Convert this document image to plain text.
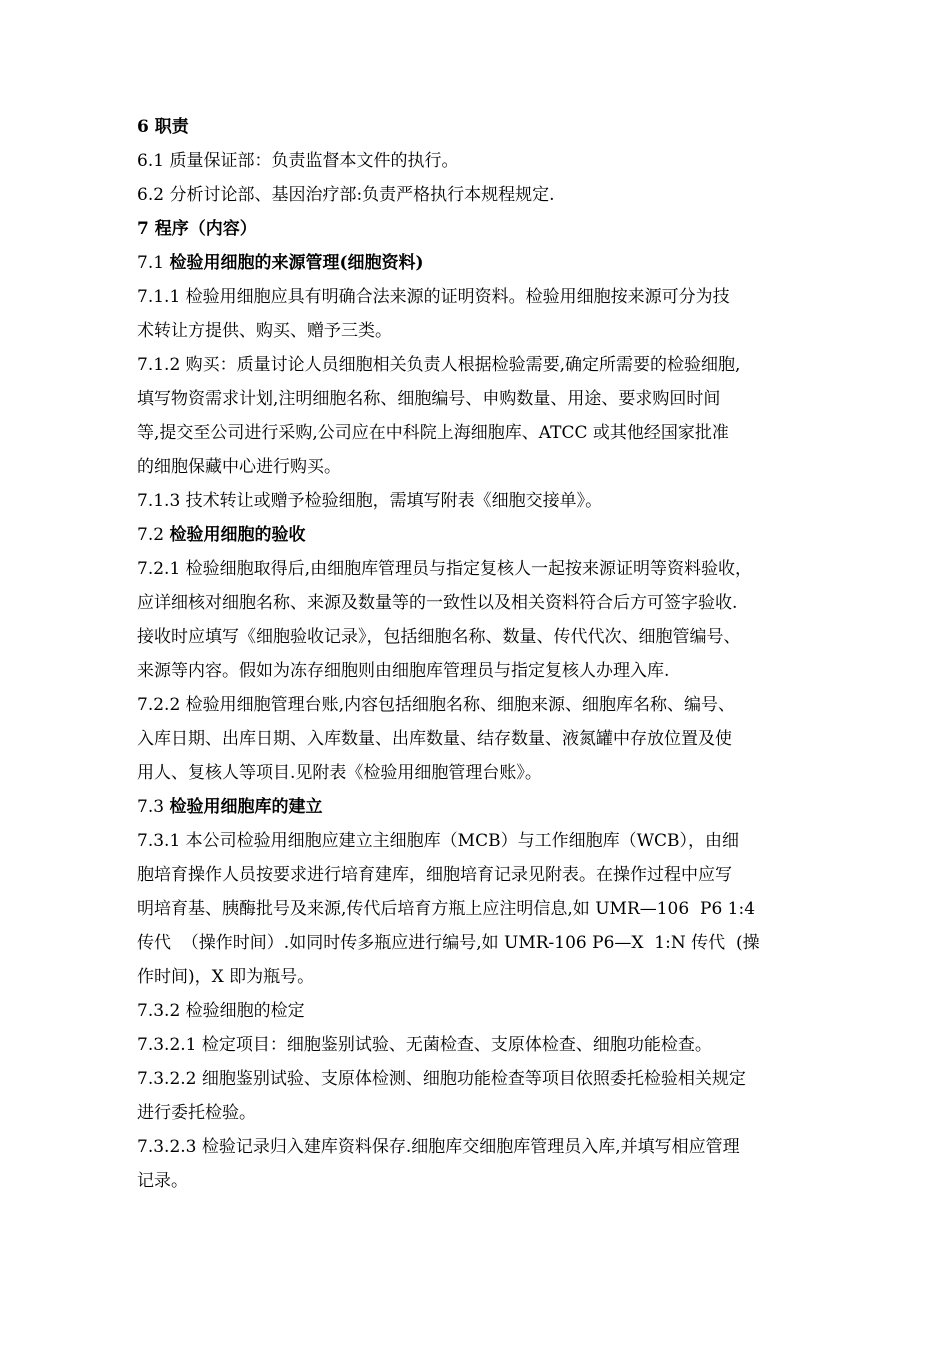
6 职责

6.1 质量保证部：负责监督本文件的执行。

6.2 分析讨论部、基因治疗部:负责严格执行本规程规定.

7 程序（内容）

7.1 检验用细胞的来源管理(细胞资料)

7.1.1 检验用细胞应具有明确合法来源的证明资料。检验用细胞按来源可分为技
术转让方提供、购买、赠予三类。

7.1.2 购买：质量讨论人员细胞相关负责人根据检验需要,确定所需要的检验细胞,
填写物资需求计划,注明细胞名称、细胞编号、申购数量、用途、要求购回时间
等,提交至公司进行采购,公司应在中科院上海细胞库、ATCC 或其他经国家批准
的细胞保藏中心进行购买。

7.1.3 技术转让或赠予检验细胞，需填写附表《细胞交接单》。

7.2 检验用细胞的验收

7.2.1 检验细胞取得后,由细胞库管理员与指定复核人一起按来源证明等资料验收，
应详细核对细胞名称、来源及数量等的一致性以及相关资料符合后方可签字验收.
接收时应填写《细胞验收记录》，包括细胞名称、数量、传代代次、细胞管编号、
来源等内容。假如为冻存细胞则由细胞库管理员与指定复核人办理入库.

7.2.2 检验用细胞管理台账,内容包括细胞名称、细胞来源、细胞库名称、编号、
入库日期、出库日期、入库数量、出库数量、结存数量、液氮罐中存放位置及使
用人、复核人等项目.见附表《检验用细胞管理台账》。

7.3 检验用细胞库的建立

7.3.1 本公司检验用细胞应建立主细胞库（MCB）与工作细胞库（WCB），由细
胞培育操作人员按要求进行培育建库，细胞培育记录见附表。在操作过程中应写
明培育基、胰酶批号及来源,传代后培育方瓶上应注明信息,如 UMR—106  P6 1:4
传代  （操作时间）.如同时传多瓶应进行编号,如 UMR-106 P6—X  1:N 传代  (操
作时间)，X 即为瓶号。

7.3.2 检验细胞的检定

7.3.2.1 检定项目：细胞鉴别试验、无菌检查、支原体检查、细胞功能检查。

7.3.2.2 细胞鉴别试验、支原体检测、细胞功能检查等项目依照委托检验相关规定
进行委托检验。

7.3.2.3 检验记录归入建库资料保存.细胞库交细胞库管理员入库,并填写相应管理
记录。
